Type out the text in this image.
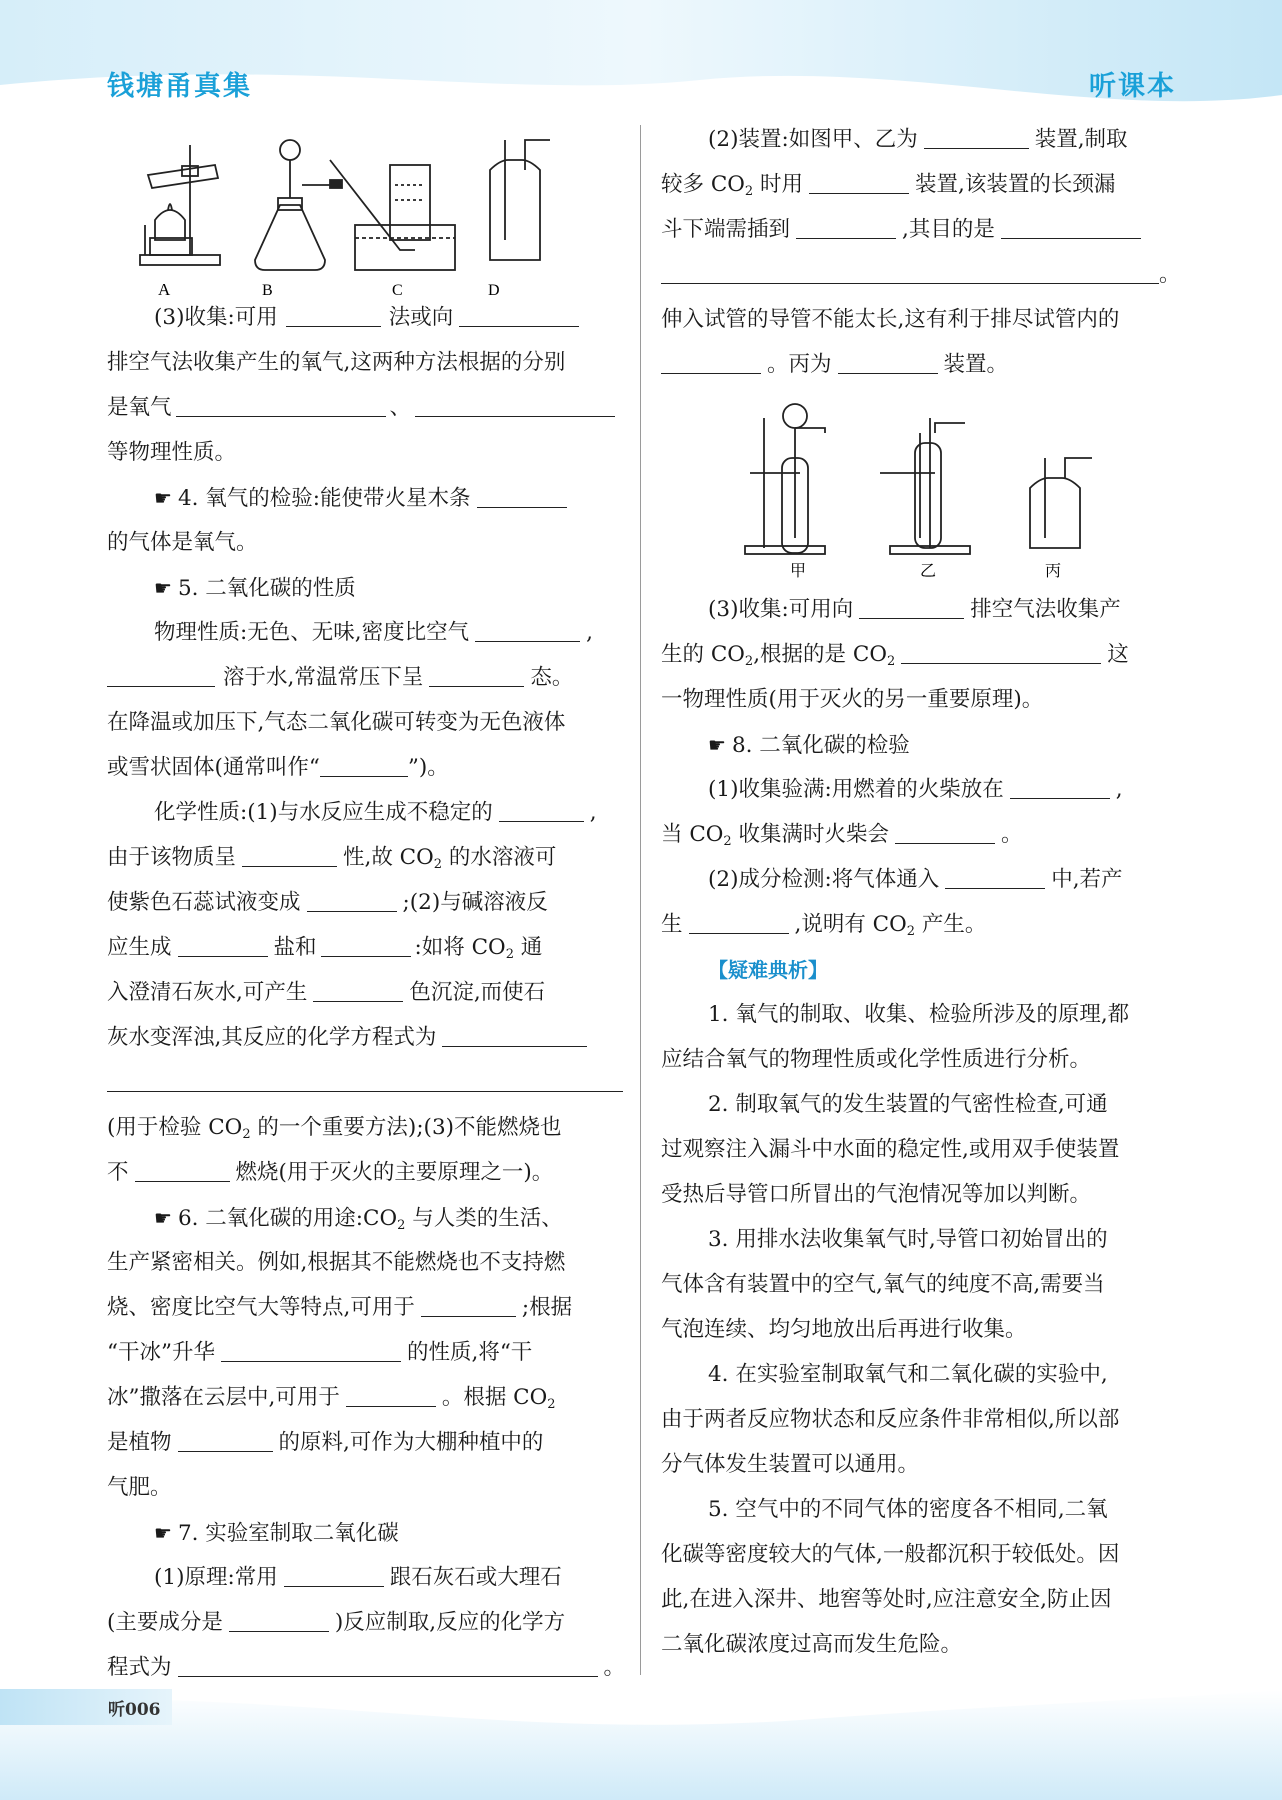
钱塘甬真集	听课本
A	B	C	D
甲	乙	丙
(3)收集:可用	法或向
排空气法收集产生的氧气,这两种方法根据的分别
是氧气	、
等物理性质。
☛ 4. 氧气的检验:能使带火星木条
的气体是氧气。
☛ 5. 二氧化碳的性质
物理性质:无色、无味,密度比空气	,
溶于水,常温常压下呈	态。
在降温或加压下,气态二氧化碳可转变为无色液体
或雪状固体(通常叫作“	”)。
化学性质:(1)与水反应生成不稳定的	,
由于该物质呈	性,故 $CO_2$ 的水溶液可
使紫色石蕊试液变成	;(2)与碱溶液反
应生成	盐和	:如将 $CO_2$ 通
入澄清石灰水,可产生	色沉淀,而使石
灰水变浑浊,其反应的化学方程式为
(用于检验 $CO_2$ 的一个重要方法);(3)不能燃烧也
不	燃烧(用于灭火的主要原理之一)。
☛ 6. 二氧化碳的用途$:CO_2$ 与人类的生活、
生产紧密相关。例如,根据其不能燃烧也不支持燃
烧、密度比空气大等特点,可用于	;根据
“干冰”升华	的性质,将“干
冰”撒落在云层中,可用于	。根据 $CO_2$
是植物	的原料,可作为大棚种植中的
气肥。
☛ 7. 实验室制取二氧化碳
(1)原理:常用	跟石灰石或大理石
(主要成分是	)反应制取,反应的化学方
程式为	。
(2)装置:如图甲、乙为	装置,制取
较多 $CO_2$ 时用	装置,该装置的长颈漏
斗下端需插到	,其目的是
。
伸入试管的导管不能太长,这有利于排尽试管内的
。丙为	装置。
(3)收集:可用向	排空气法收集产
生的 $CO_2$,根据的是 $CO_2$	这
一物理性质(用于灭火的另一重要原理)。
☛ 8. 二氧化碳的检验
(1)收集验满:用燃着的火柴放在	,
当 $CO_2$ 收集满时火柴会	。
(2)成分检测:将气体通入	中,若产
生	,说明有 $CO_2$ 产生。
【疑难典析】
1. 氧气的制取、收集、检验所涉及的原理,都
应结合氧气的物理性质或化学性质进行分析。
2. 制取氧气的发生装置的气密性检查,可通
过观察注入漏斗中水面的稳定性,或用双手使装置
受热后导管口所冒出的气泡情况等加以判断。
3. 用排水法收集氧气时,导管口初始冒出的
气体含有装置中的空气,氧气的纯度不高,需要当
气泡连续、均匀地放出后再进行收集。
4. 在实验室制取氧气和二氧化碳的实验中,
由于两者反应物状态和反应条件非常相似,所以部
分气体发生装置可以通用。
5. 空气中的不同气体的密度各不相同,二氧
化碳等密度较大的气体,一般都沉积于较低处。因
此,在进入深井、地窖等处时,应注意安全,防止因
二氧化碳浓度过高而发生危险。
听006
